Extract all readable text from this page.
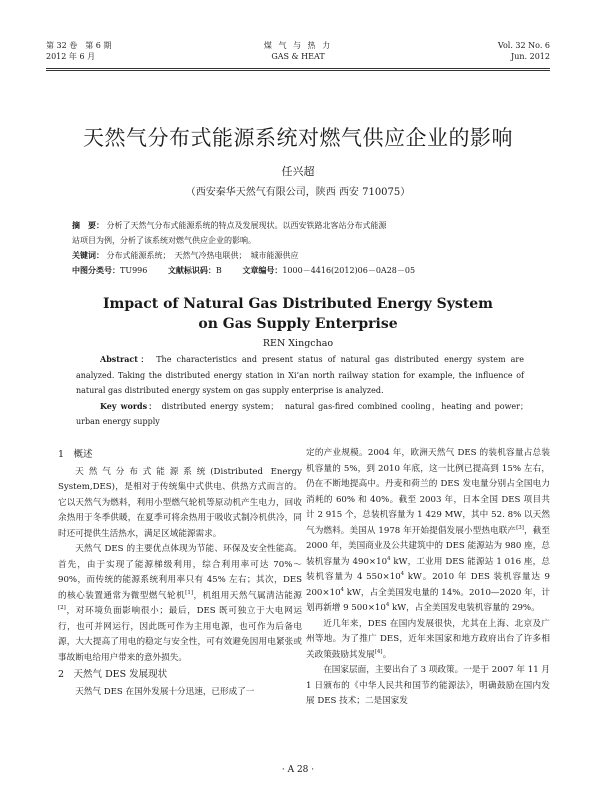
第 32 卷　第 6 期
2012 年 6 月
煤 气 与 热 力
GAS & HEAT
Vol. 32 No. 6
Jun. 2012
天然气分布式能源系统对燃气供应企业的影响
任兴超
（西安秦华天然气有限公司，陕西 西安 710075）
摘　要： 分析了天然气分布式能源系统的特点及发展现状。以西安铁路北客站分布式能源
站项目为例，分析了该系统对燃气供应企业的影响。
关键词： 分布式能源系统；　天然气冷热电联供；　城市能源供应
中图分类号：TU996	文献标识码：B	文章编号：1000－4416(2012)06－0A28－05
Impact of Natural Gas Distributed Energy System
on Gas Supply Enterprise
REN Xingchao
Abstract： The characteristics and present status of natural gas distributed energy system are analyzed. Taking the distributed energy station in Xi’an north railway station for example, the influence of natural gas distributed energy system on gas supply enterprise is analyzed.
Key words： distributed energy system；　natural gas-fired combined cooling，heating and power；　urban energy supply
1　概述

天然气分布式能源系统(Distributed Energy System,DES)，是相对于传统集中式供电、供热方式而言的。它以天然气为燃料，利用小型燃气轮机等原动机产生电力，回收余热用于冬季供暖，在夏季可将余热用于吸收式制冷机供冷，同时还可提供生活热水，满足区域能源需求。

天然气 DES 的主要优点体现为节能、环保及安全性能高。首先，由于实现了能源梯级利用，综合利用率可达 70%～90%，而传统的能源系统利用率只有 45% 左右；其次，DES 的核心装置通常为微型燃气轮机[1]，机组用天然气属清洁能源[2]，对环境负面影响很小；最后，DES 既可独立于大电网运行，也可并网运行，因此既可作为主用电源，也可作为后备电源，大大提高了用电的稳定与安全性，可有效避免因用电紧张或事故断电给用户带来的意外损失。

2　天然气 DES 发展现状

天然气 DES 在国外发展十分迅速，已形成了一

定的产业规模。2004 年，欧洲天然气 DES 的装机容量占总装机容量的 5%，到 2010 年底，这一比例已提高到 15% 左右，仍在不断地提高中。丹麦和荷兰的 DES 发电量分别占全国电力消耗的 60% 和 40%。截至 2003 年，日本全国 DES 项目共计 2 915 个，总装机容量为 1 429 MW，其中 52. 8% 以天然气为燃料。美国从 1978 年开始提倡发展小型热电联产[3]，截至 2000 年，美国商业及公共建筑中的 DES 能源站为 980 座，总装机容量为 $490\times 10^4$ kW，工业用 DES 能源站 1 016 座，总装机容量为 4 $550\times 10^4$ kW。2010 年 DES 装机容量达 9 $200\times 10^4$ kW，占全美国发电量的 14%。2010—2020 年，计划再新增 9 $500\times 10^4$ kW，占全美国发电装机容量的 29%。

近几年来，DES 在国内发展很快，尤其在上海、北京及广州等地。为了推广 DES，近年来国家和地方政府出台了许多相关政策鼓励其发展[4]。

在国家层面，主要出台了 3 项政策。一是于 2007 年 11 月 1 日颁布的《中华人民共和国节约能源法》，明确鼓励在国内发展 DES 技术；二是国家发

· A 28 ·
